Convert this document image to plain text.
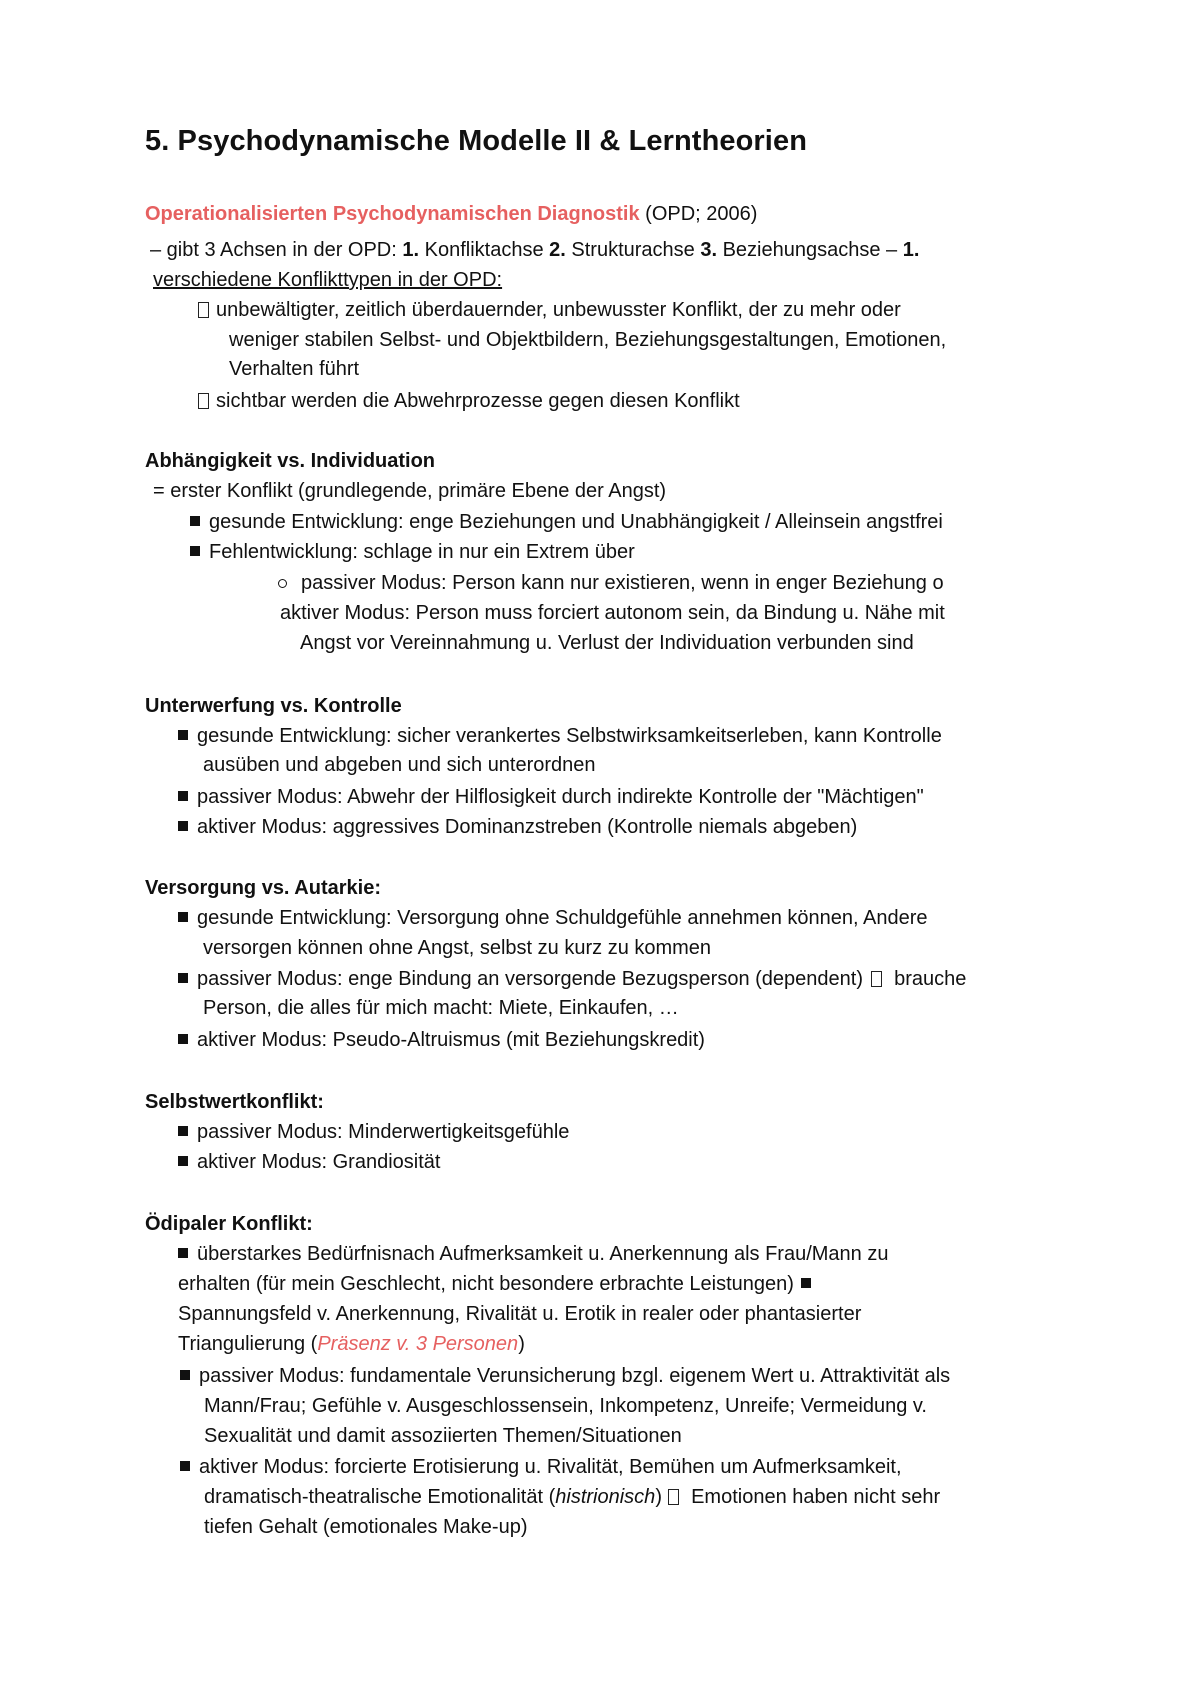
5. Psychodynamische Modelle II & Lerntheorien
Operationalisierten Psychodynamischen Diagnostik (OPD; 2006)
– gibt 3 Achsen in der OPD: 1. Konfliktachse 2. Strukturachse 3. Beziehungsachse – 1.
verschiedene Konflikttypen in der OPD:
unbewältigter, zeitlich überdauernder, unbewusster Konflikt, der zu mehr oder
weniger stabilen Selbst- und Objektbildern, Beziehungsgestaltungen, Emotionen,
Verhalten führt
sichtbar werden die Abwehrprozesse gegen diesen Konflikt
Abhängigkeit vs. Individuation
= erster Konflikt (grundlegende, primäre Ebene der Angst)
gesunde Entwicklung: enge Beziehungen und Unabhängigkeit / Alleinsein angstfrei
Fehlentwicklung: schlage in nur ein Extrem über
passiver Modus: Person kann nur existieren, wenn in enger Beziehung o
aktiver Modus: Person muss forciert autonom sein, da Bindung u. Nähe mit
Angst vor Vereinnahmung u. Verlust der Individuation verbunden sind
Unterwerfung vs. Kontrolle
gesunde Entwicklung: sicher verankertes Selbstwirksamkeitserleben, kann Kontrolle
ausüben und abgeben und sich unterordnen
passiver Modus: Abwehr der Hilflosigkeit durch indirekte Kontrolle der "Mächtigen"
aktiver Modus: aggressives Dominanzstreben (Kontrolle niemals abgeben)
Versorgung vs. Autarkie:
gesunde Entwicklung: Versorgung ohne Schuldgefühle annehmen können, Andere
versorgen können ohne Angst, selbst zu kurz zu kommen
passiver Modus: enge Bindung an versorgende Bezugsperson (dependent)  brauche
Person, die alles für mich macht: Miete, Einkaufen, …
aktiver Modus: Pseudo-Altruismus (mit Beziehungskredit)
Selbstwertkonflikt:
passiver Modus: Minderwertigkeitsgefühle
aktiver Modus: Grandiosität
Ödipaler Konflikt:
überstarkes Bedürfnisnach Aufmerksamkeit u. Anerkennung als Frau/Mann zu
erhalten (für mein Geschlecht, nicht besondere erbrachte Leistungen)
Spannungsfeld v. Anerkennung, Rivalität u. Erotik in realer oder phantasierter
Triangulierung (Präsenz v. 3 Personen)
passiver Modus: fundamentale Verunsicherung bzgl. eigenem Wert u. Attraktivität als
Mann/Frau; Gefühle v. Ausgeschlossensein, Inkompetenz, Unreife; Vermeidung v.
Sexualität und damit assoziierten Themen/Situationen
aktiver Modus: forcierte Erotisierung u. Rivalität, Bemühen um Aufmerksamkeit,
dramatisch-theatralische Emotionalität (histrionisch)  Emotionen haben nicht sehr
tiefen Gehalt (emotionales Make-up)
